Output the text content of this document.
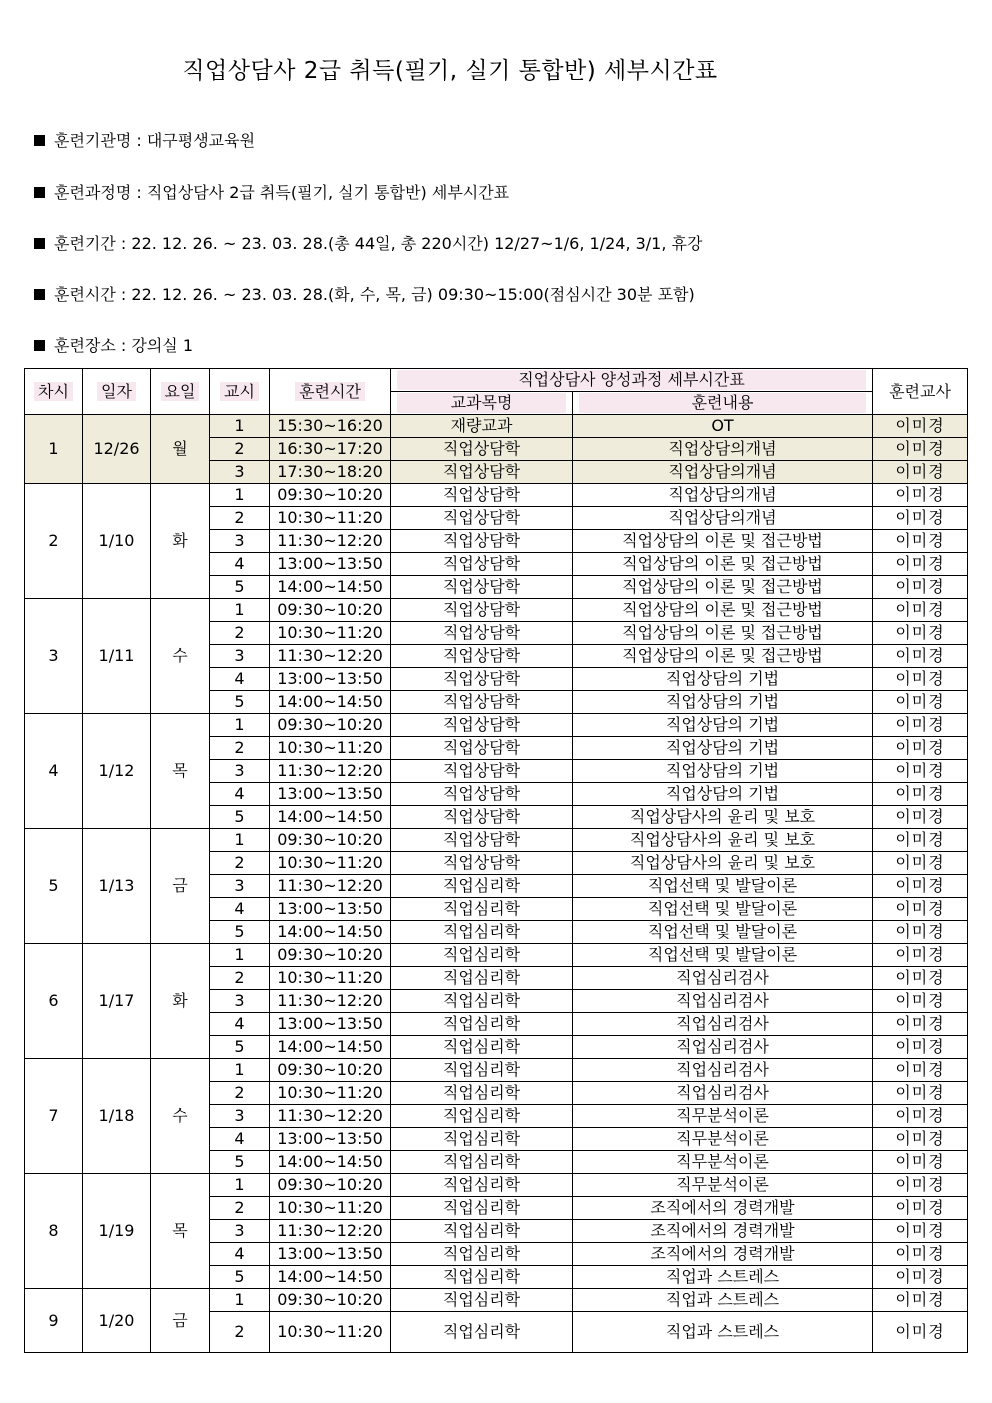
직업상담사 2급 취득(필기, 실기 통합반) 세부시간표
훈련기관명 : 대구평생교육원
훈련과정명 : 직업상담사 2급 취득(필기, 실기 통합반) 세부시간표
훈련기간 : 22. 12. 26. ~ 23. 03. 28.(총 44일, 총 220시간) 12/27~1/6, 1/24, 3/1, 휴강
훈련시간 : 22. 12. 26. ~ 23. 03. 28.(화, 수, 목, 금) 09:30~15:00(점심시간 30분 포함)
훈련장소 : 강의실 1
차시	일자	요일	교시	훈련시간	직업상담사 양성과정 세부시간표		훈련교사

					교과목명	훈련내용	

1	12/26	월	1	15:30~16:20	재량교과	OT	이미경
			2	16:30~17:20	직업상담학	직업상담의개념	이미경
			3	17:30~18:20	직업상담학	직업상담의개념	이미경
2	1/10	화	1	09:30~10:20	직업상담학	직업상담의개념	이미경
			2	10:30~11:20	직업상담학	직업상담의개념	이미경
			3	11:30~12:20	직업상담학	직업상담의 이론 및 접근방법	이미경
			4	13:00~13:50	직업상담학	직업상담의 이론 및 접근방법	이미경
			5	14:00~14:50	직업상담학	직업상담의 이론 및 접근방법	이미경
3	1/11	수	1	09:30~10:20	직업상담학	직업상담의 이론 및 접근방법	이미경
			2	10:30~11:20	직업상담학	직업상담의 이론 및 접근방법	이미경
			3	11:30~12:20	직업상담학	직업상담의 이론 및 접근방법	이미경
			4	13:00~13:50	직업상담학	직업상담의 기법	이미경
			5	14:00~14:50	직업상담학	직업상담의 기법	이미경
4	1/12	목	1	09:30~10:20	직업상담학	직업상담의 기법	이미경
			2	10:30~11:20	직업상담학	직업상담의 기법	이미경
			3	11:30~12:20	직업상담학	직업상담의 기법	이미경
			4	13:00~13:50	직업상담학	직업상담의 기법	이미경
			5	14:00~14:50	직업상담학	직업상담사의 윤리 및 보호	이미경
5	1/13	금	1	09:30~10:20	직업상담학	직업상담사의 윤리 및 보호	이미경
			2	10:30~11:20	직업상담학	직업상담사의 윤리 및 보호	이미경
			3	11:30~12:20	직업심리학	직업선택 및 발달이론	이미경
			4	13:00~13:50	직업심리학	직업선택 및 발달이론	이미경
			5	14:00~14:50	직업심리학	직업선택 및 발달이론	이미경
6	1/17	화	1	09:30~10:20	직업심리학	직업선택 및 발달이론	이미경
			2	10:30~11:20	직업심리학	직업심리검사	이미경
			3	11:30~12:20	직업심리학	직업심리검사	이미경
			4	13:00~13:50	직업심리학	직업심리검사	이미경
			5	14:00~14:50	직업심리학	직업심리검사	이미경
7	1/18	수	1	09:30~10:20	직업심리학	직업심리검사	이미경
			2	10:30~11:20	직업심리학	직업심리검사	이미경
			3	11:30~12:20	직업심리학	직무분석이론	이미경
			4	13:00~13:50	직업심리학	직무분석이론	이미경
			5	14:00~14:50	직업심리학	직무분석이론	이미경
8	1/19	목	1	09:30~10:20	직업심리학	직무분석이론	이미경
			2	10:30~11:20	직업심리학	조직에서의 경력개발	이미경
			3	11:30~12:20	직업심리학	조직에서의 경력개발	이미경
			4	13:00~13:50	직업심리학	조직에서의 경력개발	이미경
			5	14:00~14:50	직업심리학	직업과 스트레스	이미경
9	1/20	금	1	09:30~10:20	직업심리학	직업과 스트레스	이미경
			2	10:30~11:20	직업심리학	직업과 스트레스	이미경
